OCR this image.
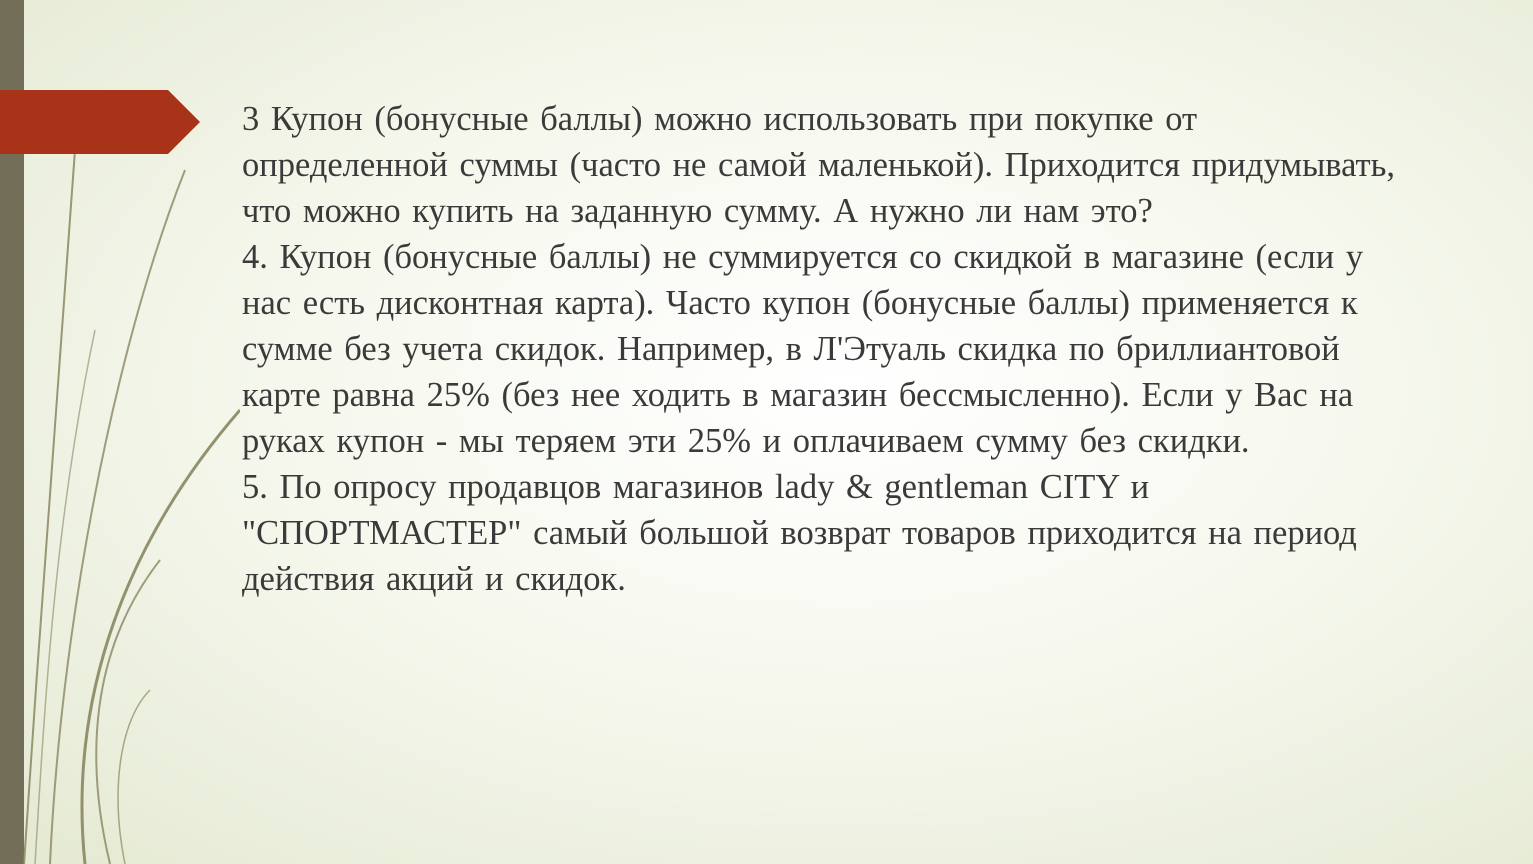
3 Купон (бонусные баллы) можно использовать при покупке от определенной суммы (часто не самой маленькой). Приходится придумывать, что можно купить на заданную сумму. А нужно ли нам это?

4. Купон (бонусные баллы) не суммируется со скидкой в магазине (если у нас есть дисконтная карта). Часто купон (бонусные баллы) применяется к сумме без учета скидок. Например, в Л'Этуаль скидка по бриллиантовой карте равна 25% (без нее ходить в магазин бессмысленно). Если у Вас на руках купон - мы теряем эти 25% и оплачиваем сумму без скидки.

5. По опросу продавцов магазинов lady & gentleman CITY и "СПОРТМАСТЕР" самый большой возврат товаров приходится на период действия акций и скидок.
